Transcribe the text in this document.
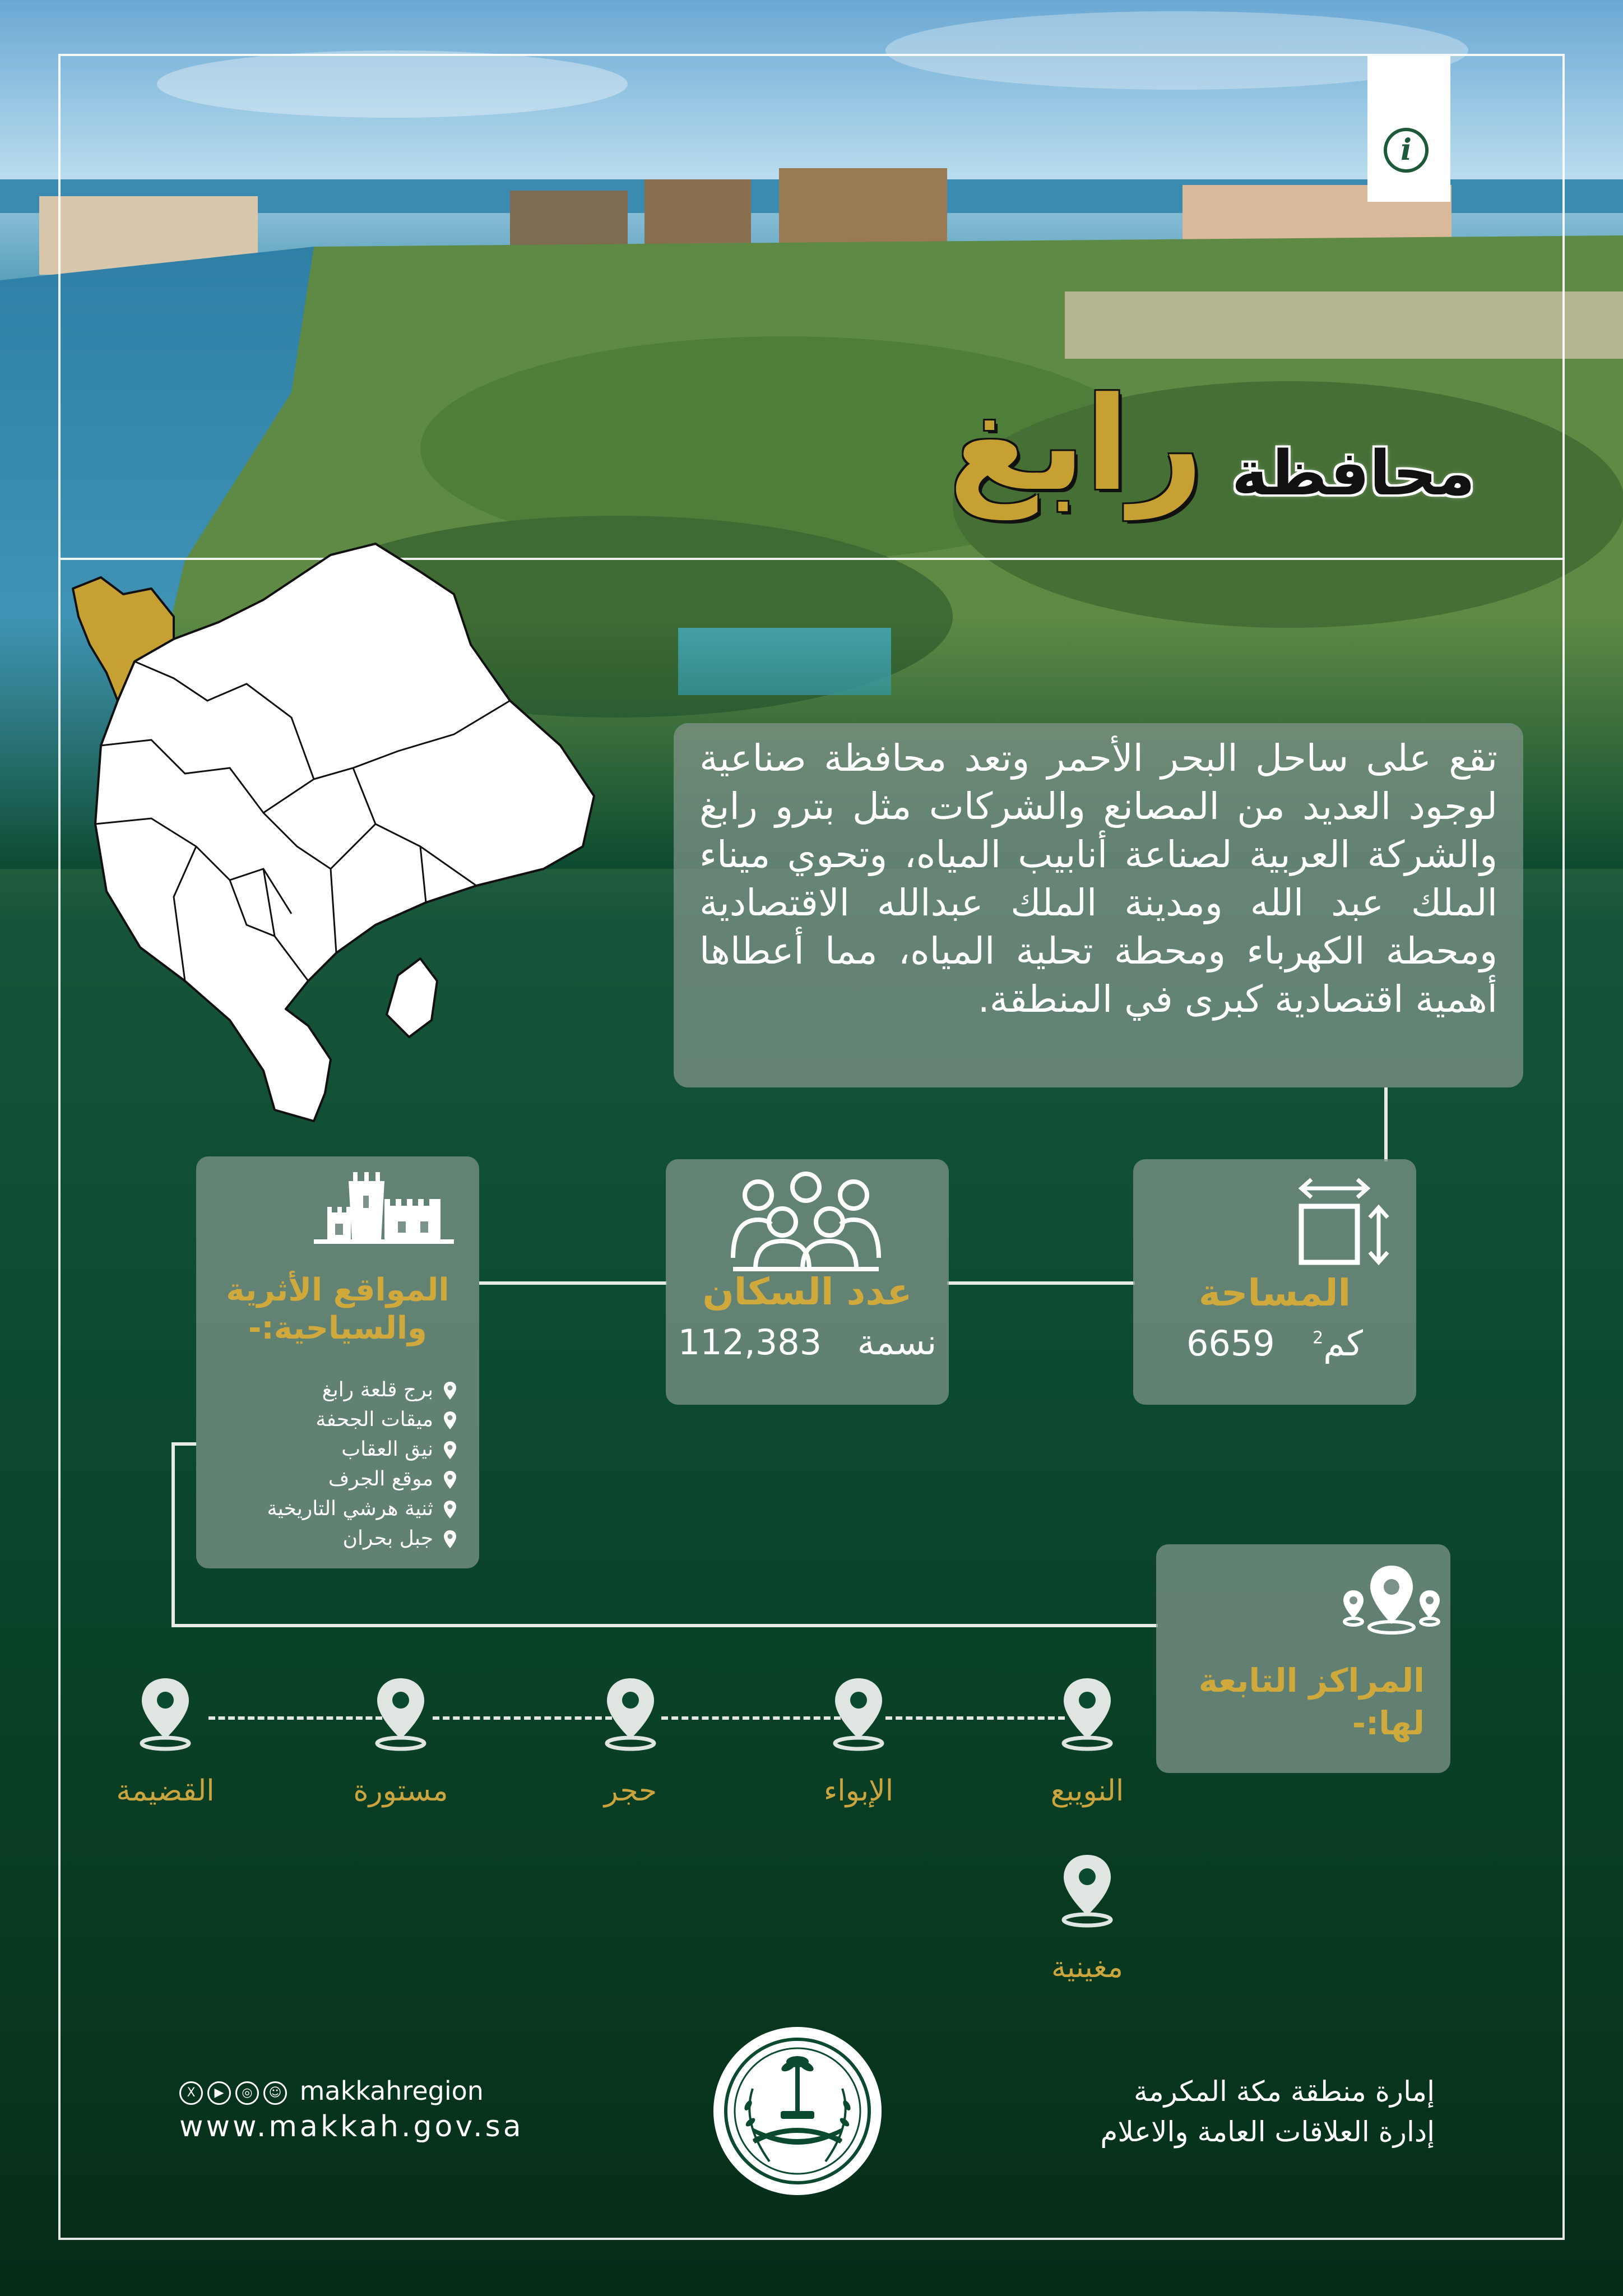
i
محافظة
رابغ
تقع على ساحل البحر الأحمر وتعد محافظة صناعية لوجود العديد من المصانع والشركات مثل بترو رابغ والشركة العربية لصناعة أنابيب المياه، وتحوي ميناء الملك عبد الله ومدينة الملك عبدالله الاقتصادية ومحطة الكهرباء ومحطة تحلية المياه، مما أعطاها أهمية اقتصادية كبرى في المنطقة.
المساحة
6659 $^2$كم
عدد السكان
نسمة  112,383
المواقع الأثرية
والسياحية:-
برج قلعة رابغ
ميقات الجحفة
نيق العقاب
موقع الجرف
ثنية هرشي التاريخية
جبل بحران
المراكز التابعة
لها:-
النويبع
الإبواء
حجر
مستورة
القضيمة
مغينية
إمارة منطقة مكة المكرمة
إدارة العلاقات العامة والاعلام
X ▶ ◎ ☺ makkahregion
www.makkah.gov.sa
